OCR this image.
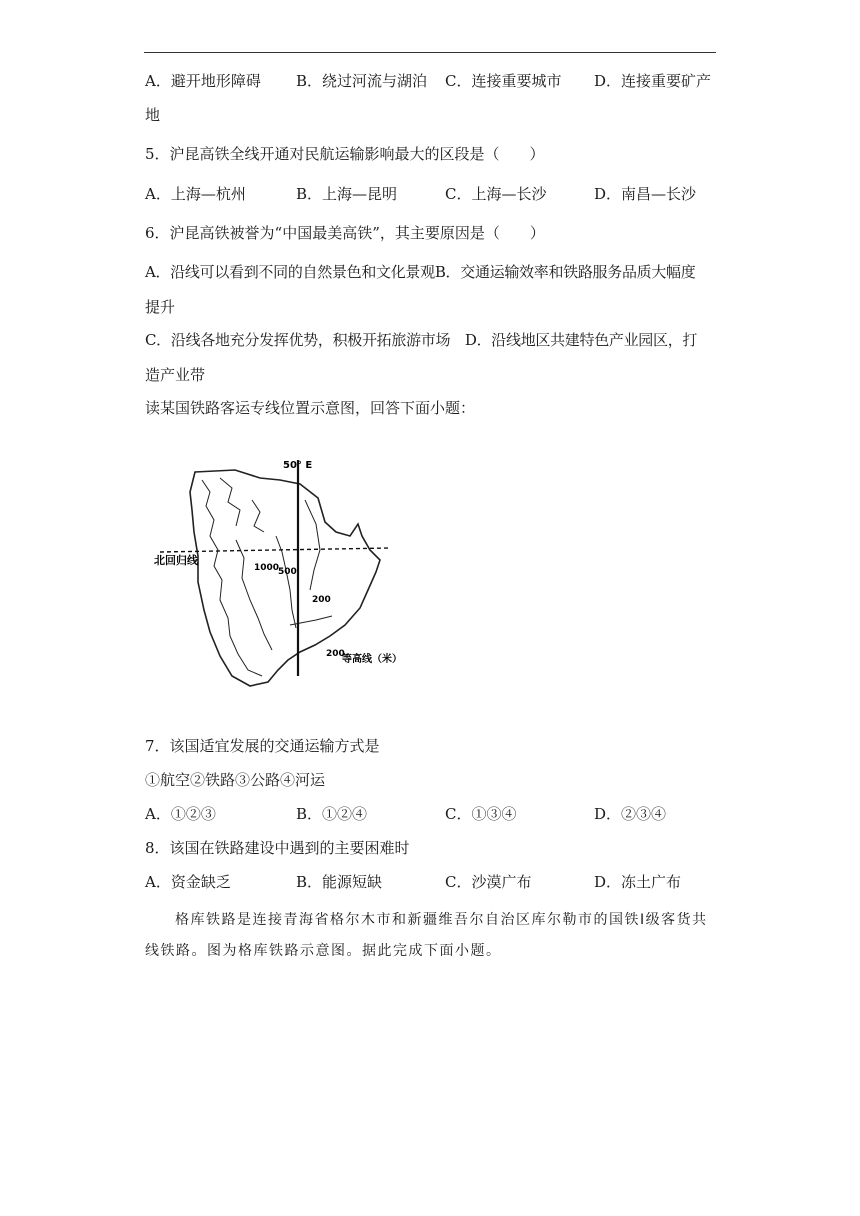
A．避开地形障碍 B．绕过河流与湖泊 C．连接重要城市 D．连接重要矿产
地
5．沪昆高铁全线开通对民航运输影响最大的区段是（　　）
A．上海—杭州	B．上海—昆明	C．上海—长沙	D．南昌—长沙
6．沪昆高铁被誉为“中国最美高铁”，其主要原因是（　　）
A．沿线可以看到不同的自然景色和文化景观B．交通运输效率和铁路服务品质大幅度
提升
C．沿线各地充分发挥优势，积极开拓旅游市场　D．沿线地区共建特色产业园区，打
造产业带
读某国铁路客运专线位置示意图，回答下面小题：
50° E
北回归线
1000
500
200
200
等高线（米）
7．该国适宜发展的交通运输方式是
①航空②铁路③公路④河运
A．①②③	B．①②④	C．①③④	D．②③④
8．该国在铁路建设中遇到的主要困难时
A．资金缺乏	B．能源短缺	C．沙漠广布	D．冻土广布
格库铁路是连接青海省格尔木市和新疆维吾尔自治区库尔勒市的国铁Ⅰ级客货共
线铁路。图为格库铁路示意图。据此完成下面小题。
